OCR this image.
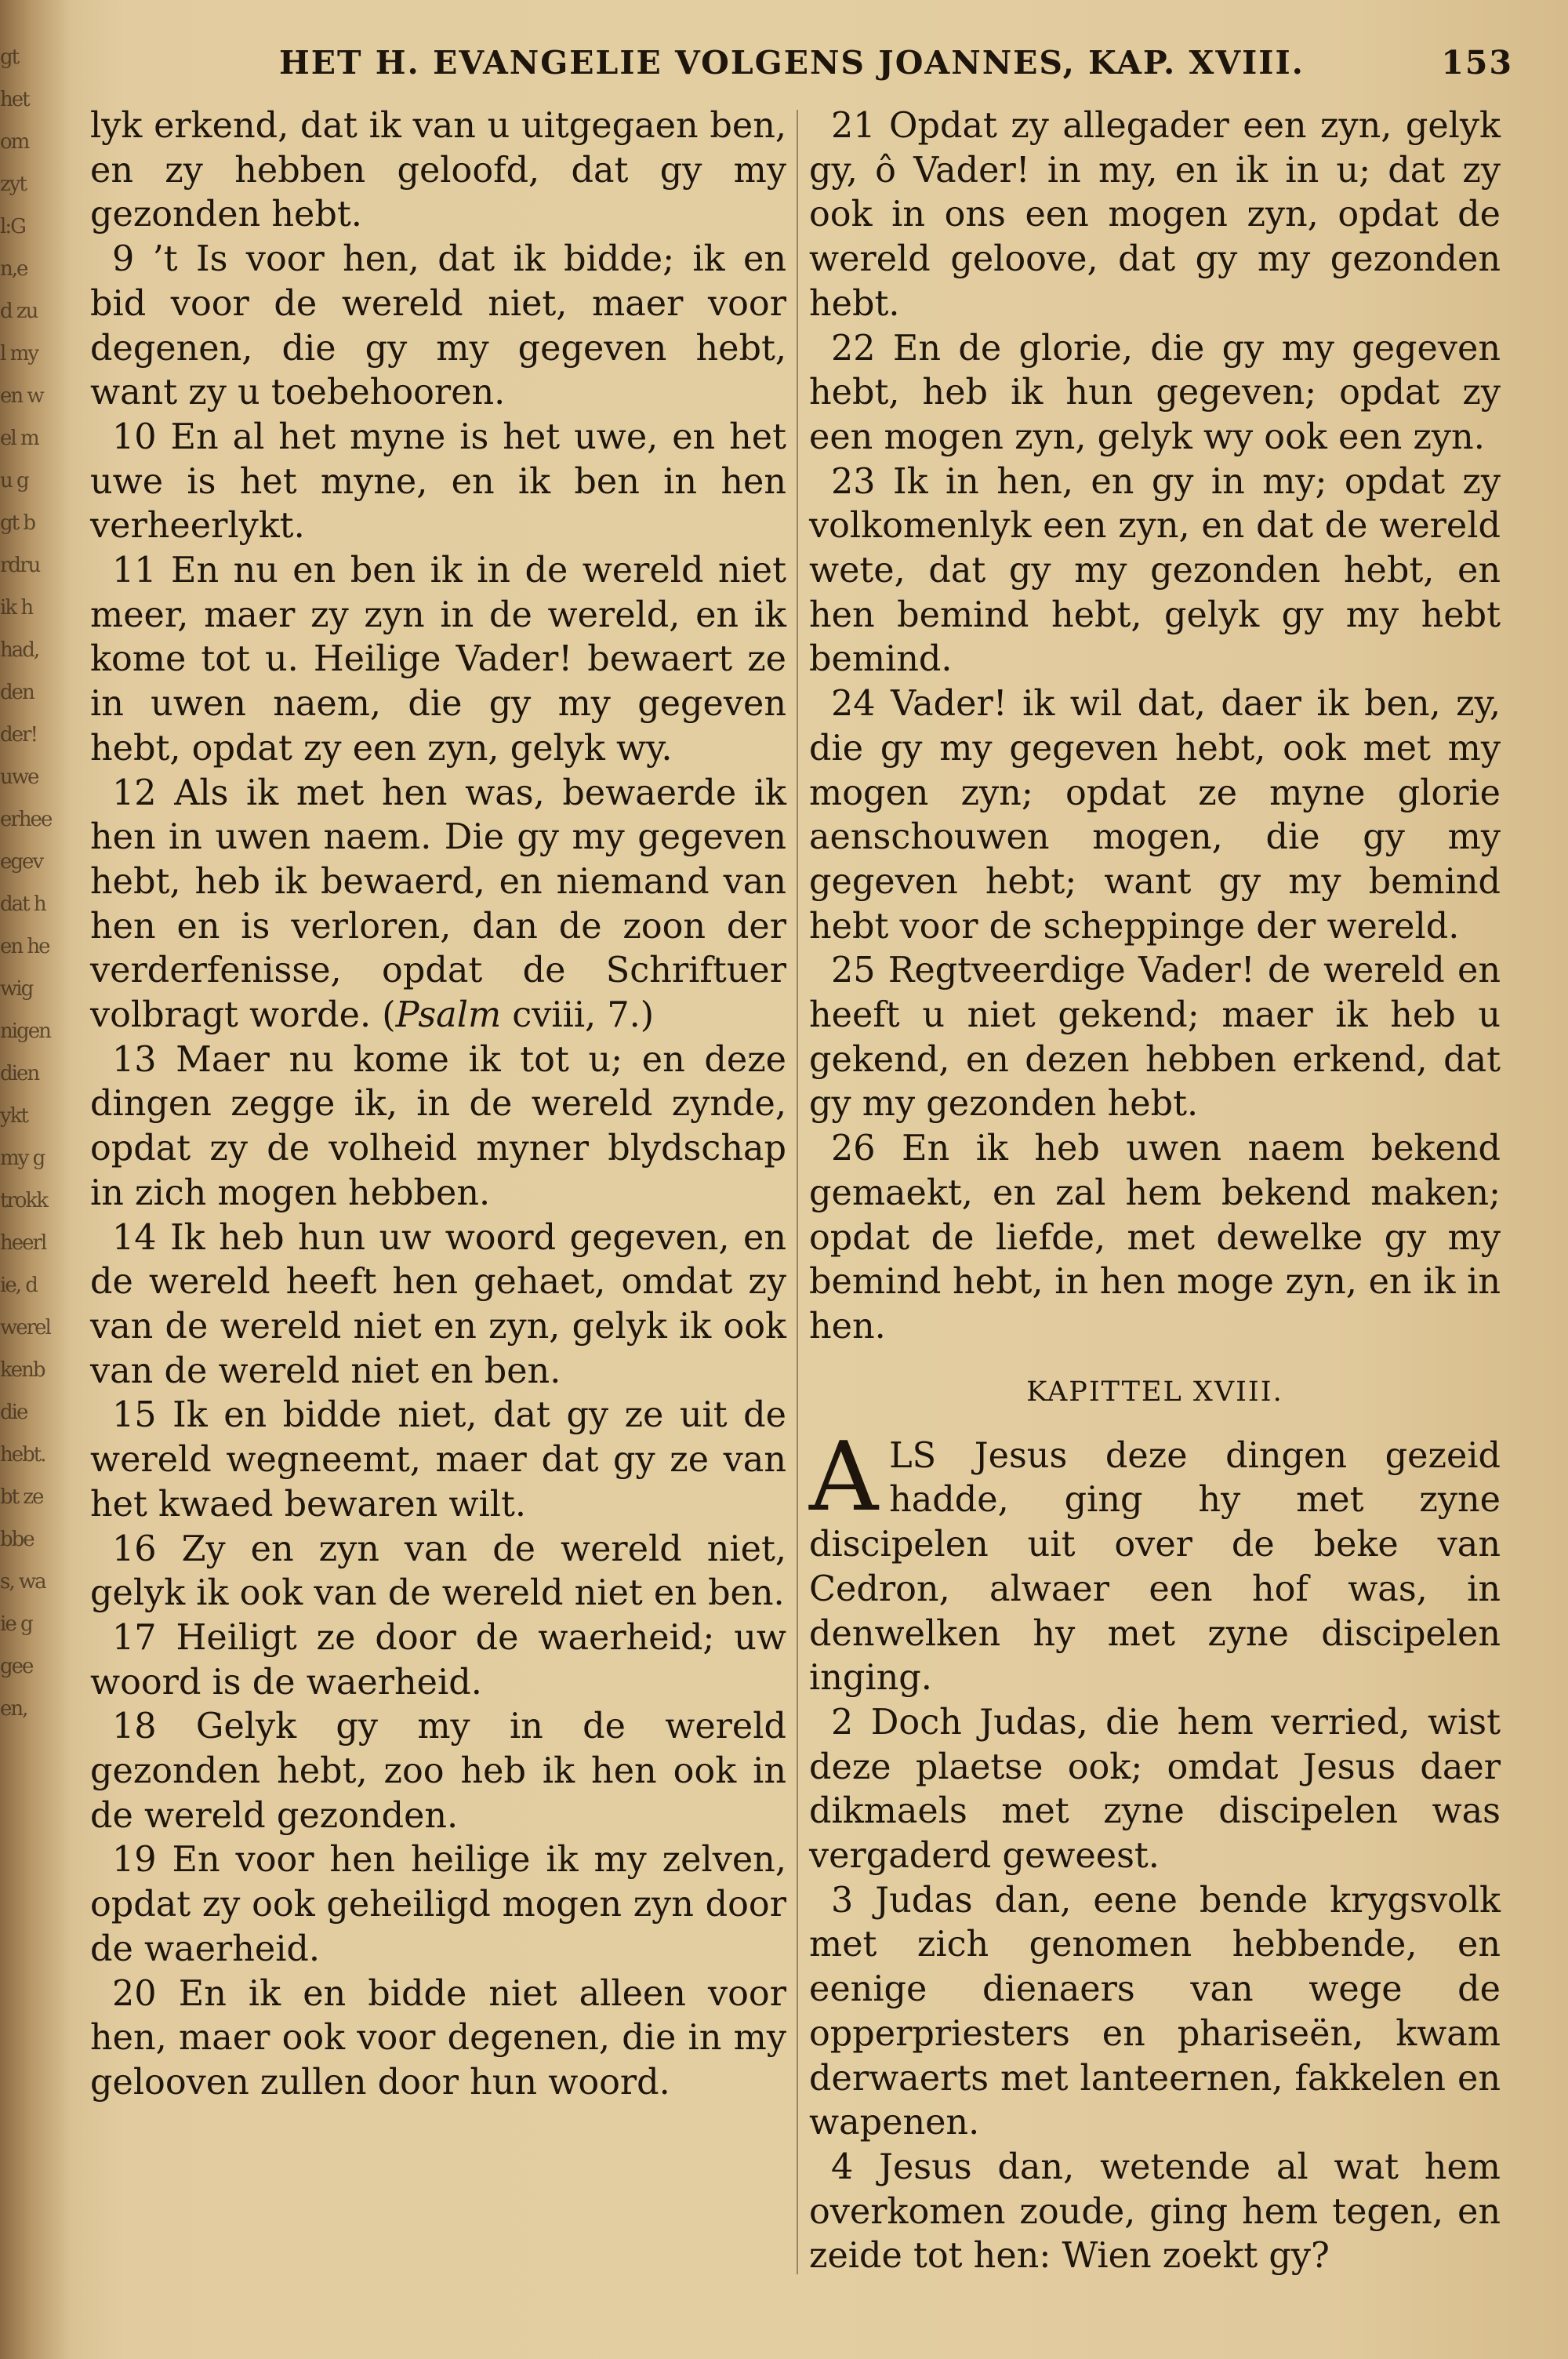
gt
het
om
zyt
l:G
n,e
d zu
l my
en w
el m
u g
gt b
rdru
ik h
had,
den
der!
uwe
erhee
egev
dat h
en he
wig
nigen
dien
ykt
my g
trokk
heerl
ie, d
werel
kenb
die
hebt.
bt ze
bbe
s, wa
ie g
gee
en,
HET H. EVANGELIE VOLGENS JOANNES, KAP. XVIII.	153

lyk erkend, dat ik van u uitgegaen ben, en zy hebben geloofd, dat gy my gezonden hebt.

9 ’t Is voor hen, dat ik bidde; ik en bid voor de wereld niet, maer voor degenen, die gy my gegeven hebt, want zy u toebehooren.

10 En al het myne is het uwe, en het uwe is het myne, en ik ben in hen verheerlykt.

11 En nu en ben ik in de wereld niet meer, maer zy zyn in de wereld, en ik kome tot u. Heilige Vader! bewaert ze in uwen naem, die gy my gegeven hebt, opdat zy een zyn, gelyk wy.

12 Als ik met hen was, bewaerde ik hen in uwen naem. Die gy my gegeven hebt, heb ik bewaerd, en niemand van hen en is verloren, dan de zoon der verderfenisse, opdat de Schriftuer volbragt worde. (Psalm cviii, 7.)

13 Maer nu kome ik tot u; en deze dingen zegge ik, in de wereld zynde, opdat zy de volheid myner blydschap in zich mogen hebben.

14 Ik heb hun uw woord gegeven, en de wereld heeft hen gehaet, omdat zy van de wereld niet en zyn, gelyk ik ook van de wereld niet en ben.

15 Ik en bidde niet, dat gy ze uit de wereld wegneemt, maer dat gy ze van het kwaed bewaren wilt.

16 Zy en zyn van de wereld niet, gelyk ik ook van de wereld niet en ben.

17 Heiligt ze door de waerheid; uw woord is de waerheid.

18 Gelyk gy my in de wereld gezonden hebt, zoo heb ik hen ook in de wereld gezonden.

19 En voor hen heilige ik my zelven, opdat zy ook geheiligd mogen zyn door de waerheid.

20 En ik en bidde niet alleen voor hen, maer ook voor degenen, die in my gelooven zullen door hun woord.

21 Opdat zy allegader een zyn, gelyk gy, ô Vader! in my, en ik in u; dat zy ook in ons een mogen zyn, opdat de wereld geloove, dat gy my gezonden hebt.

22 En de glorie, die gy my gegeven hebt, heb ik hun gegeven; opdat zy een mogen zyn, gelyk wy ook een zyn.

23 Ik in hen, en gy in my; opdat zy volkomenlyk een zyn, en dat de wereld wete, dat gy my gezonden hebt, en hen bemind hebt, gelyk gy my hebt bemind.

24 Vader! ik wil dat, daer ik ben, zy, die gy my gegeven hebt, ook met my mogen zyn; opdat ze myne glorie aenschouwen mogen, die gy my gegeven hebt; want gy my bemind hebt voor de scheppinge der wereld.

25 Regtveerdige Vader! de wereld en heeft u niet gekend; maer ik heb u gekend, en dezen hebben erkend, dat gy my gezonden hebt.

26 En ik heb uwen naem bekend gemaekt, en zal hem bekend maken; opdat de liefde, met dewelke gy my bemind hebt, in hen moge zyn, en ik in hen.

KAPITTEL XVIII.

ALS Jesus deze dingen gezeid hadde, ging hy met zyne discipelen uit over de beke van Cedron, alwaer een hof was, in denwelken hy met zyne discipelen inging.

2 Doch Judas, die hem verried, wist deze plaetse ook; omdat Jesus daer dikmaels met zyne discipelen was vergaderd geweest.

3 Judas dan, eene bende krygsvolk met zich genomen hebbende, en eenige dienaers van wege de opperpriesters en phariseën, kwam derwaerts met lanteernen, fakkelen en wapenen.

4 Jesus dan, wetende al wat hem overkomen zoude, ging hem tegen, en zeide tot hen: Wien zoekt gy?
